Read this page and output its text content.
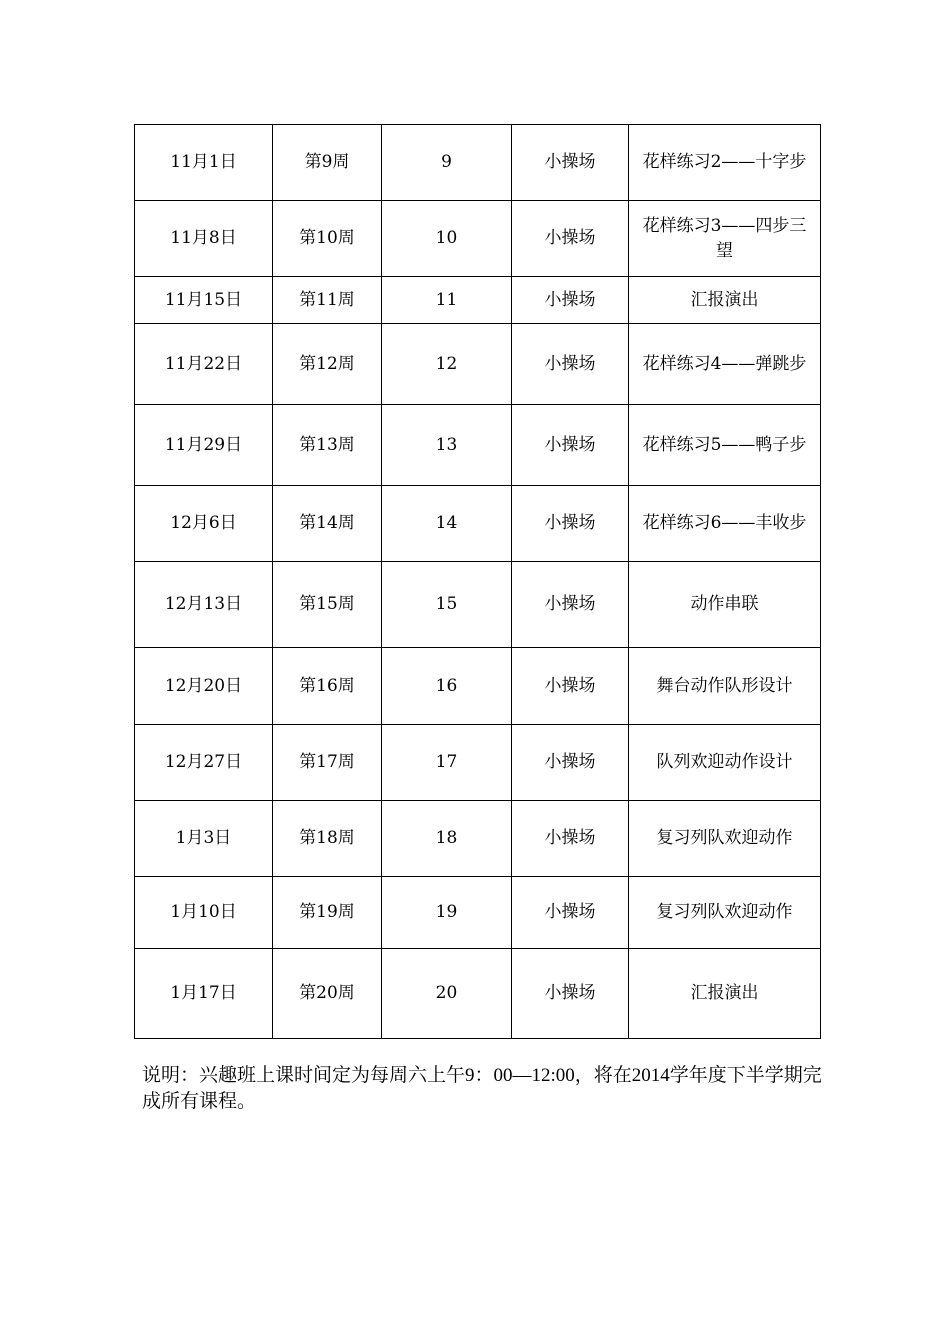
11月1日	第9周	9	小操场	花样练习2——十字步
11月8日	第10周	10	小操场	花样练习3——四步三望
11月15日	第11周	11	小操场	汇报演出
11月22日	第12周	12	小操场	花样练习4——弹跳步
11月29日	第13周	13	小操场	花样练习5——鸭子步
12月6日	第14周	14	小操场	花样练习6——丰收步
12月13日	第15周	15	小操场	动作串联
12月20日	第16周	16	小操场	舞台动作队形设计
12月27日	第17周	17	小操场	队列欢迎动作设计
1月3日	第18周	18	小操场	复习列队欢迎动作
1月10日	第19周	19	小操场	复习列队欢迎动作
1月17日	第20周	20	小操场	汇报演出

说明：兴趣班上课时间定为每周六上午9：00—12:00，将在2014学年度下半学期完成所有课程。
